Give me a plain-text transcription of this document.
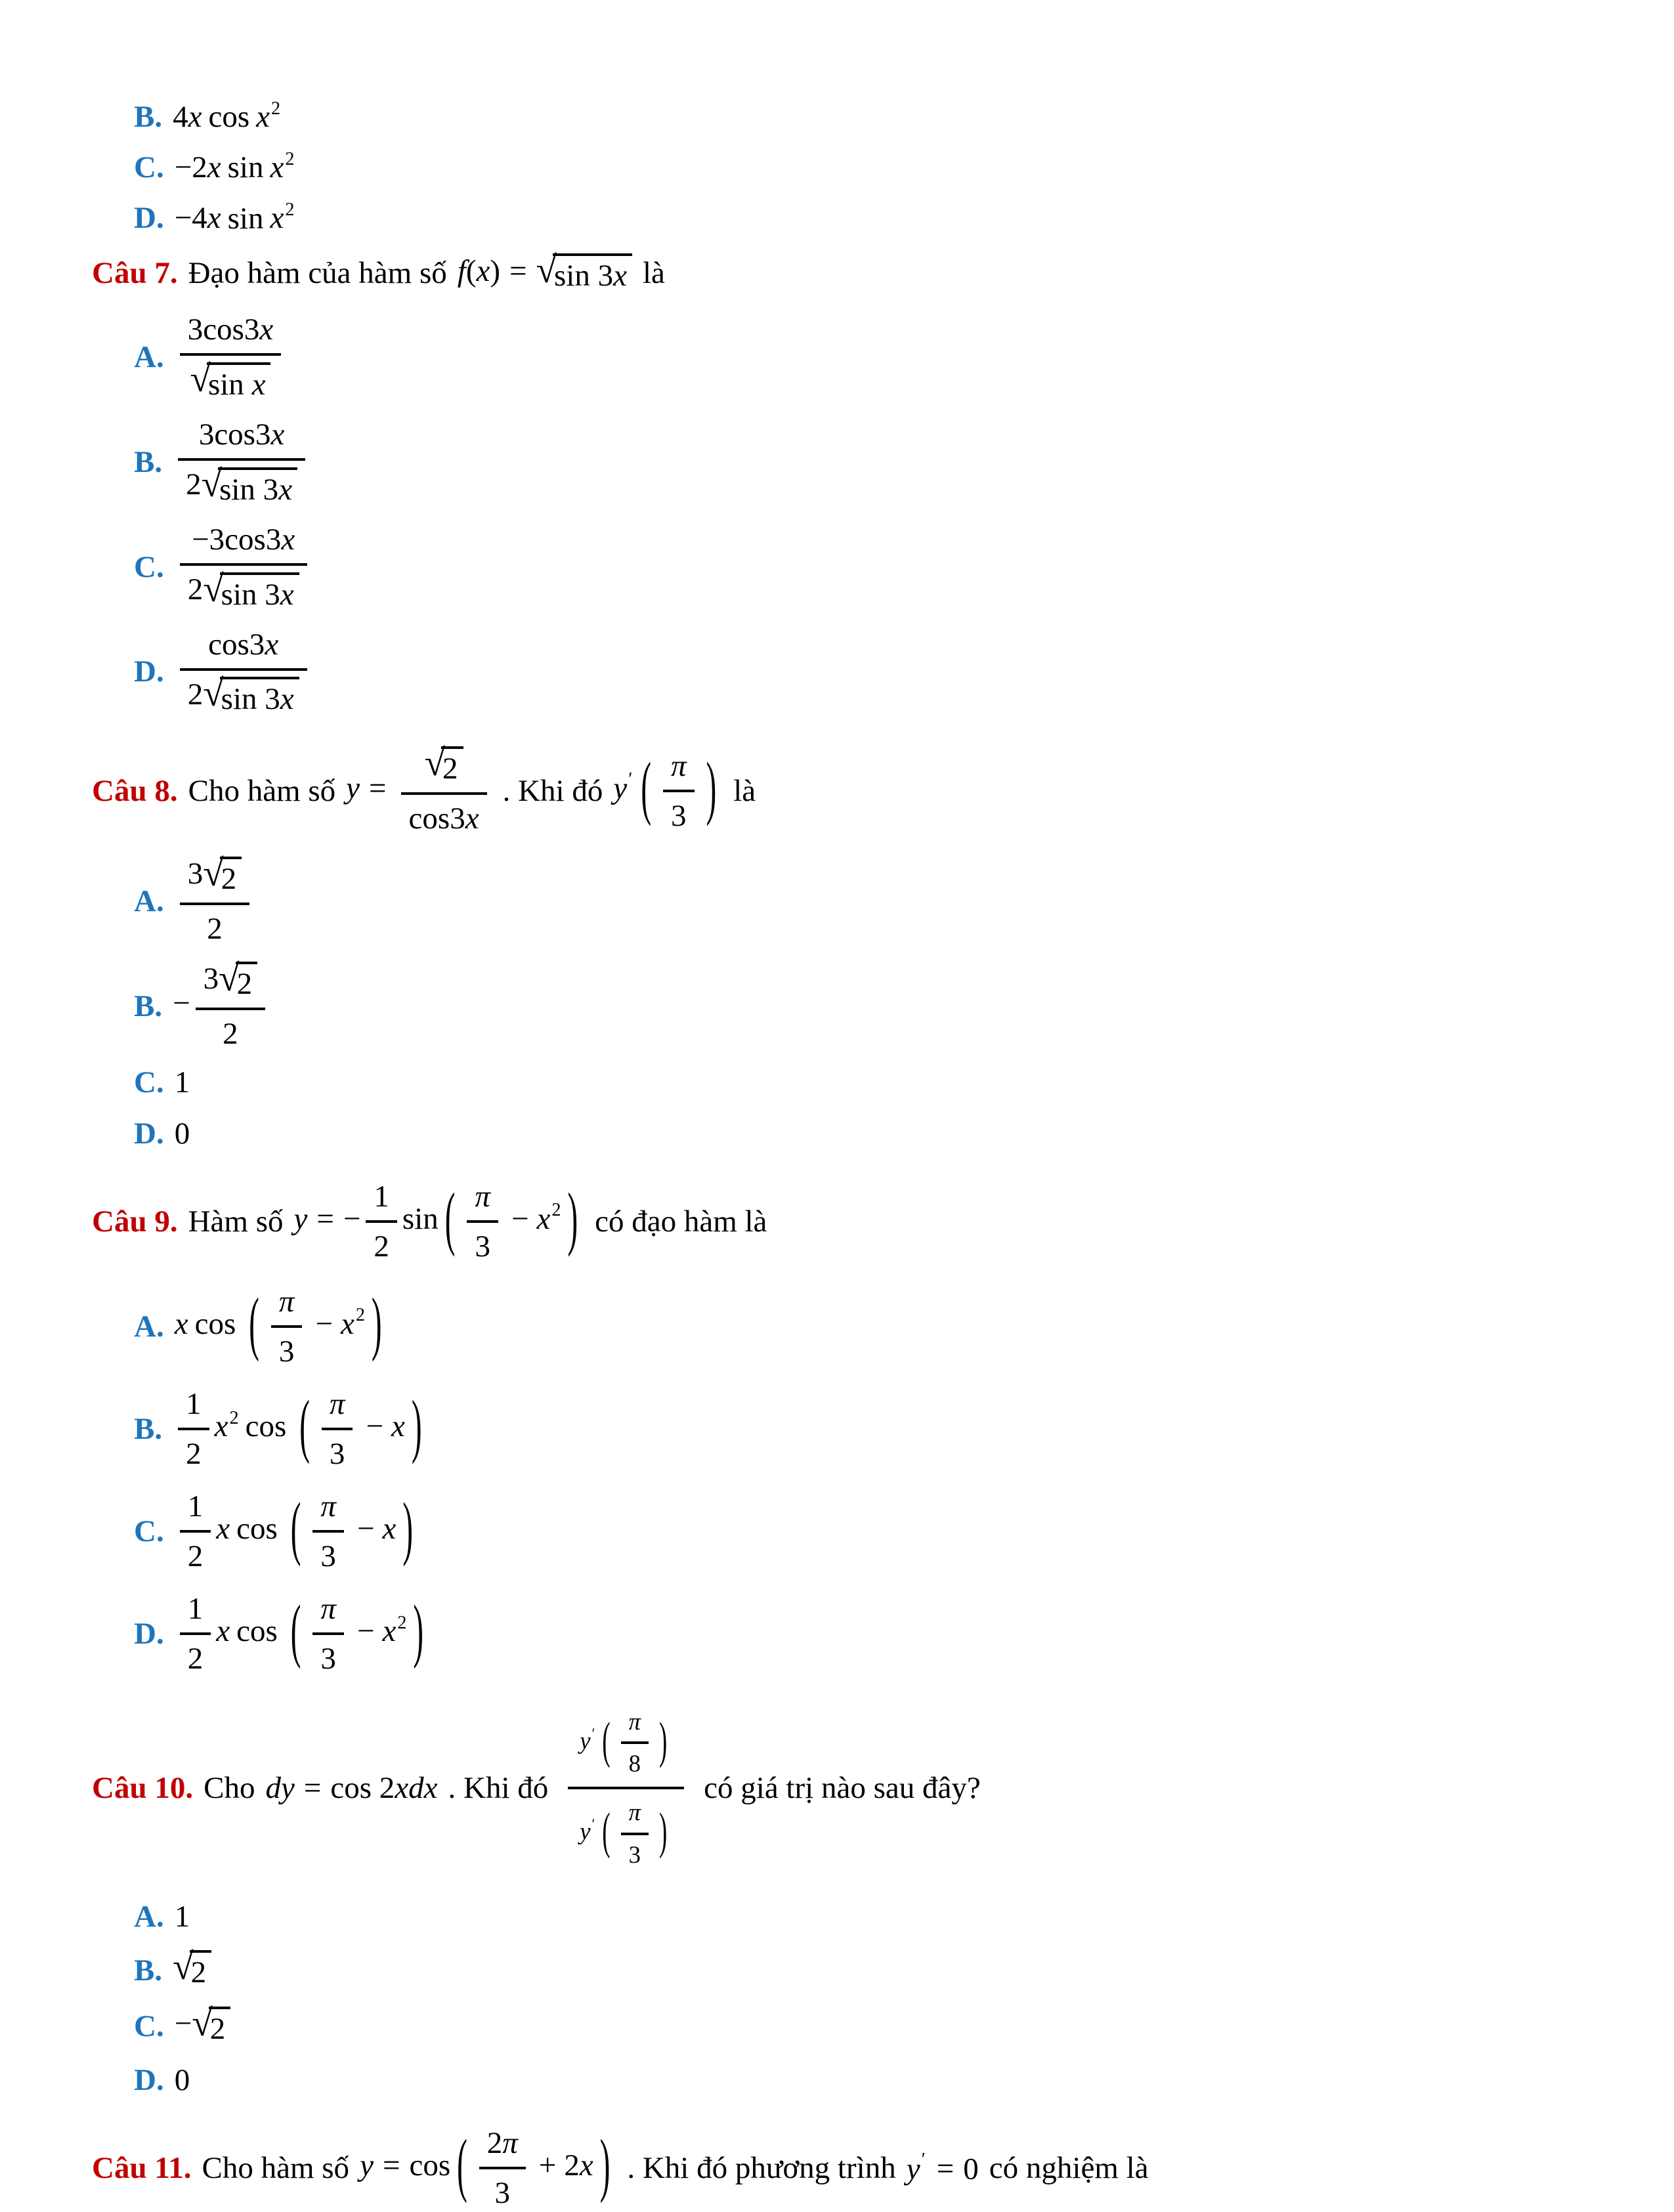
B. 4x $\cos x^2$
C. −2x $\sin x^2$
D. −4x $\sin x^2$
Câu 7. Đạo hàm của hàm số f(x) = √
sin 3x là
A. 3cos3x
√
sin x
B. 3cos3x
2 √
sin 3x
C. −3cos3x
2 √
sin 3x
D. cos3x
2 √
sin 3x
Câu 8. Cho hàm số y = √
2
cos3x . Khi đó y′ ( $\frac{\pi}{3}$ ) là
A. 3 √
2
2
B. − 3 √
2
2
C. 1
D. 0
Câu 9. Hàm số y = − $\frac{1}{2}$ sin ( $\frac{\pi}{3} - x^2$ ) có đạo hàm là
A. x cos ( $\frac{\pi}{3} - x^2$ )
B. $\frac{1}{2} x^2$ cos ( $\frac{\pi}{3} - x$ )
C. $\frac{1}{2}$ x cos ( $\frac{\pi}{3} - x$ )
D. $\frac{1}{2}$ x cos ( $\frac{\pi}{3} - x^2$ )
Câu 10. Cho dy = cos 2xdx . Khi đó $\frac{y' ( \frac{\pi}{8} )}{y' ( \frac{\pi}{3} )}$ có giá trị nào sau đây?
A. 1
B. √
2
C. − √
2
D. 0
Câu 11. Cho hàm số y = cos ( $\frac{2\pi}{3} + 2x$ ) . Khi đó phương trình y′ = 0 có nghiệm là
